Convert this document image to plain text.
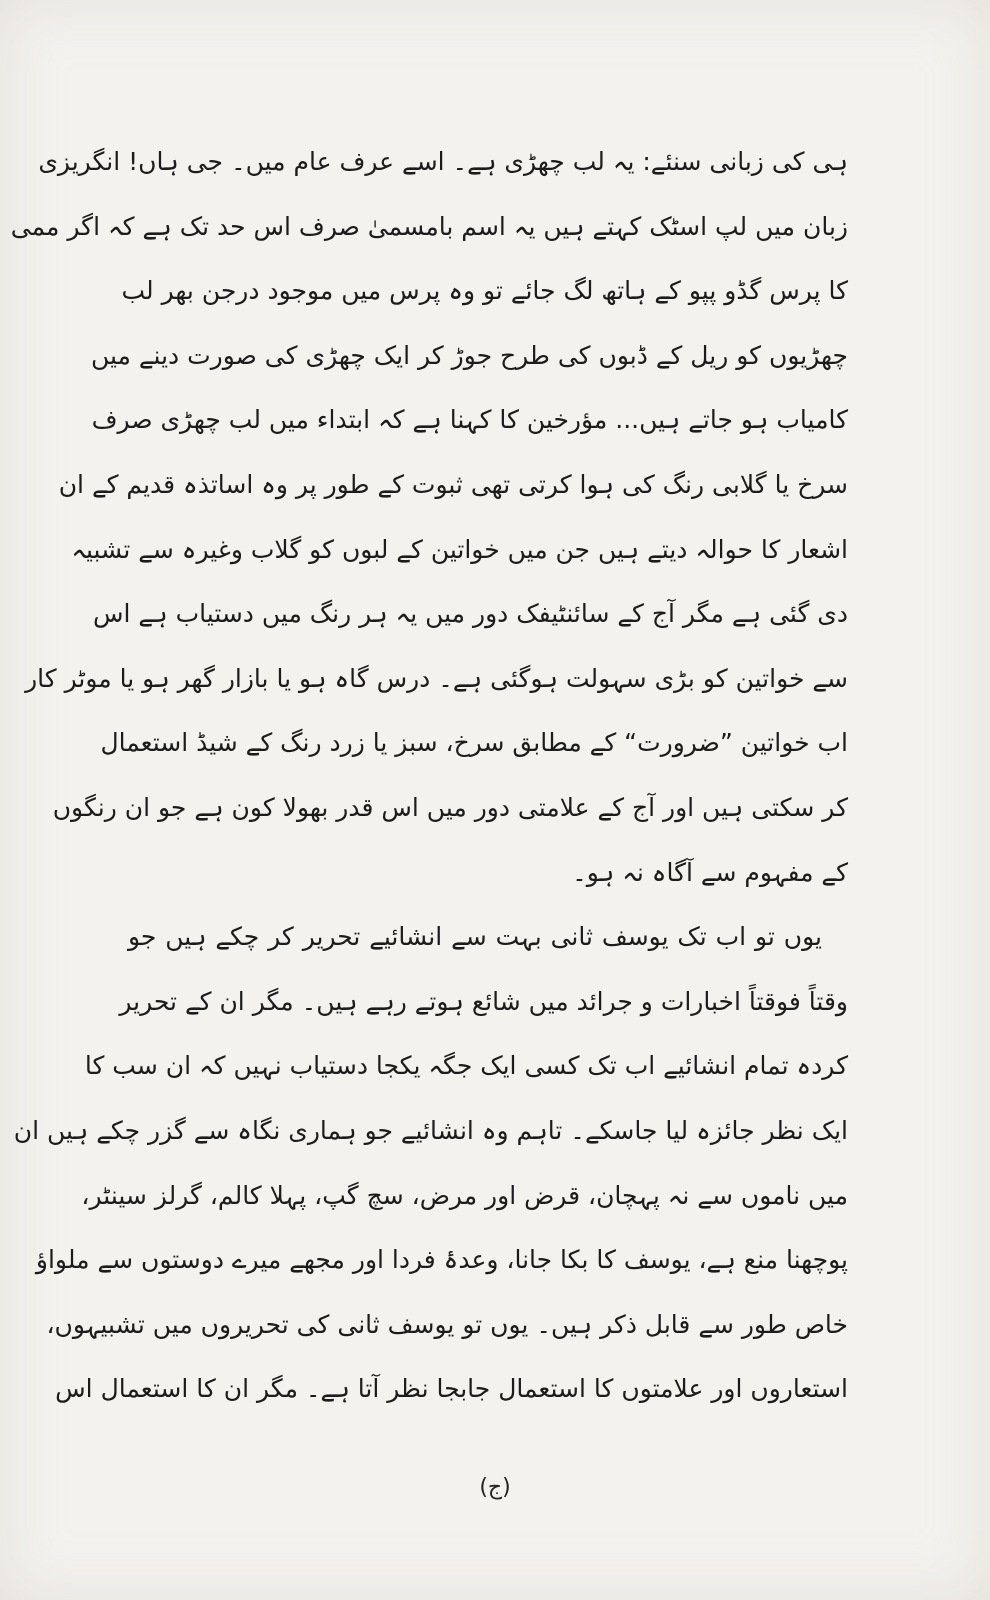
ہی کی زبانی سنئے: یہ لب چھڑی ہے۔ اسے عرف عام میں۔ جی ہاں! انگریزی
زبان میں لپ اسٹک کہتے ہیں یہ اسم بامسمیٰ صرف اس حد تک ہے کہ اگر ممی
کا پرس گڈو پپو کے ہاتھ لگ جائے تو وہ پرس میں موجود درجن بھر لب
چھڑیوں کو ریل کے ڈبوں کی طرح جوڑ کر ایک چھڑی کی صورت دینے میں
کامیاب ہو جاتے ہیں... مؤرخین کا کہنا ہے کہ ابتداء میں لب چھڑی صرف
سرخ یا گلابی رنگ کی ہوا کرتی تھی ثبوت کے طور پر وہ اساتذہ قدیم کے ان
اشعار کا حوالہ دیتے ہیں جن میں خواتین کے لبوں کو گلاب وغیرہ سے تشبیہ
دی گئی ہے مگر آج کے سائنٹیفک دور میں یہ ہر رنگ میں دستیاب ہے اس
سے خواتین کو بڑی سہولت ہوگئی ہے۔ درس گاہ ہو یا بازار گھر ہو یا موٹر کار
اب خواتین ”ضرورت“ کے مطابق سرخ، سبز یا زرد رنگ کے شیڈ استعمال
کر سکتی ہیں اور آج کے علامتی دور میں اس قدر بھولا کون ہے جو ان رنگوں
کے مفہوم سے آگاہ نہ ہو۔
یوں تو اب تک یوسف ثانی بہت سے انشائیے تحریر کر چکے ہیں جو
وقتاً فوقتاً اخبارات و جرائد میں شائع ہوتے رہے ہیں۔ مگر ان کے تحریر
کردہ تمام انشائیے اب تک کسی ایک جگہ یکجا دستیاب نہیں کہ ان سب کا
ایک نظر جائزہ لیا جاسکے۔ تاہم وہ انشائیے جو ہماری نگاہ سے گزر چکے ہیں ان
میں ناموں سے نہ پہچان، قرض اور مرض، سچ گپ، پہلا کالم، گرلز سینٹر،
پوچھنا منع ہے، یوسف کا بکا جانا، وعدۂ فردا اور مجھے میرے دوستوں سے ملواؤ
خاص طور سے قابل ذکر ہیں۔ یوں تو یوسف ثانی کی تحریروں میں تشبیہوں،
استعاروں اور علامتوں کا استعمال جابجا نظر آتا ہے۔ مگر ان کا استعمال اس
(ج)
